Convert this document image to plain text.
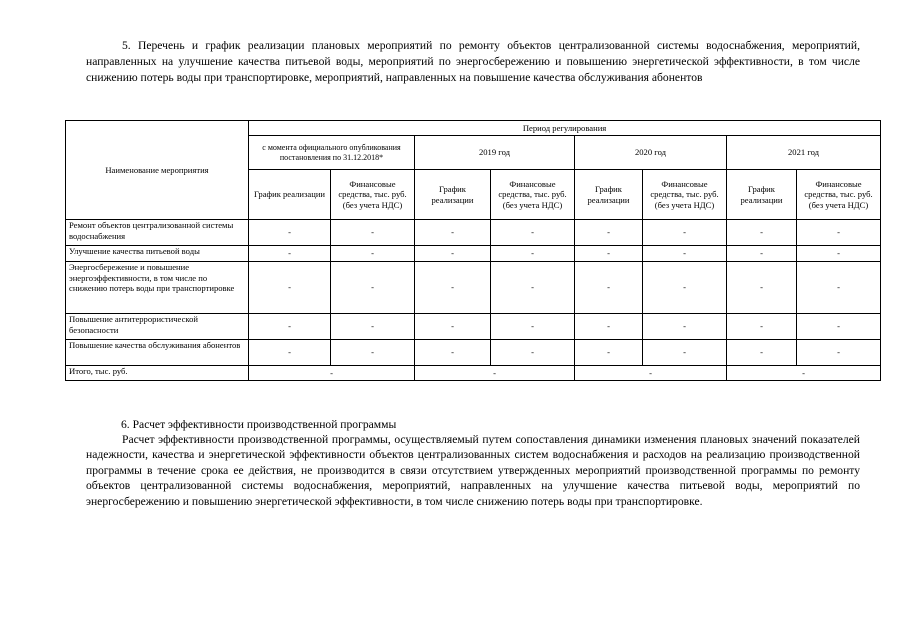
5. Перечень и график реализации плановых мероприятий по ремонту объектов централизованной системы водоснабжения, мероприятий, направленных на улучшение качества питьевой воды, мероприятий по энергосбережению и повышению энергетической эффективности, в том числе снижению потерь воды при транспортировке, мероприятий, направленных на повышение качества обслуживания абонентов

Наименование мероприятия	Период регулирования							
	с момента официального опубликования постановления по 31.12.2018*		2019 год		2020 год		2021 год	
	График реализации	Финансовые средства, тыс. руб. (без учета НДС)	График реализации	Финансовые средства, тыс. руб. (без учета НДС)	График реализации	Финансовые средства, тыс. руб. (без учета НДС)	График реализации	Финансовые средства, тыс. руб. (без учета НДС)
Ремонт объектов централизованной системы водоснабжения	-	-	-	-	-	-	-	-
Улучшение качества питьевой воды	-	-	-	-	-	-	-	-
Энергосбережение и повышение энергоэффективности, в том числе по снижению потерь воды при транспортировке	-	-	-	-	-	-	-	-
Повышение антитеррористической безопасности	-	-	-	-	-	-	-	-
Повышение качества обслуживания абонентов	-	-	-	-	-	-	-	-
Итого, тыс. руб.	-		-		-		-	

6. Расчет эффективности производственной программы

Расчет эффективности производственной программы, осуществляемый путем сопоставления динамики изменения плановых значений показателей надежности, качества и энергетической эффективности объектов централизованных систем водоснабжения и расходов на реализацию производственной программы в течение срока ее действия, не производится в связи отсутствием утвержденных мероприятий производственной программы по ремонту объектов централизованной системы водоснабжения, мероприятий, направленных на улучшение качества питьевой воды, мероприятий по энергосбережению и повышению энергетической эффективности, в том числе снижению потерь воды при транспортировке.
